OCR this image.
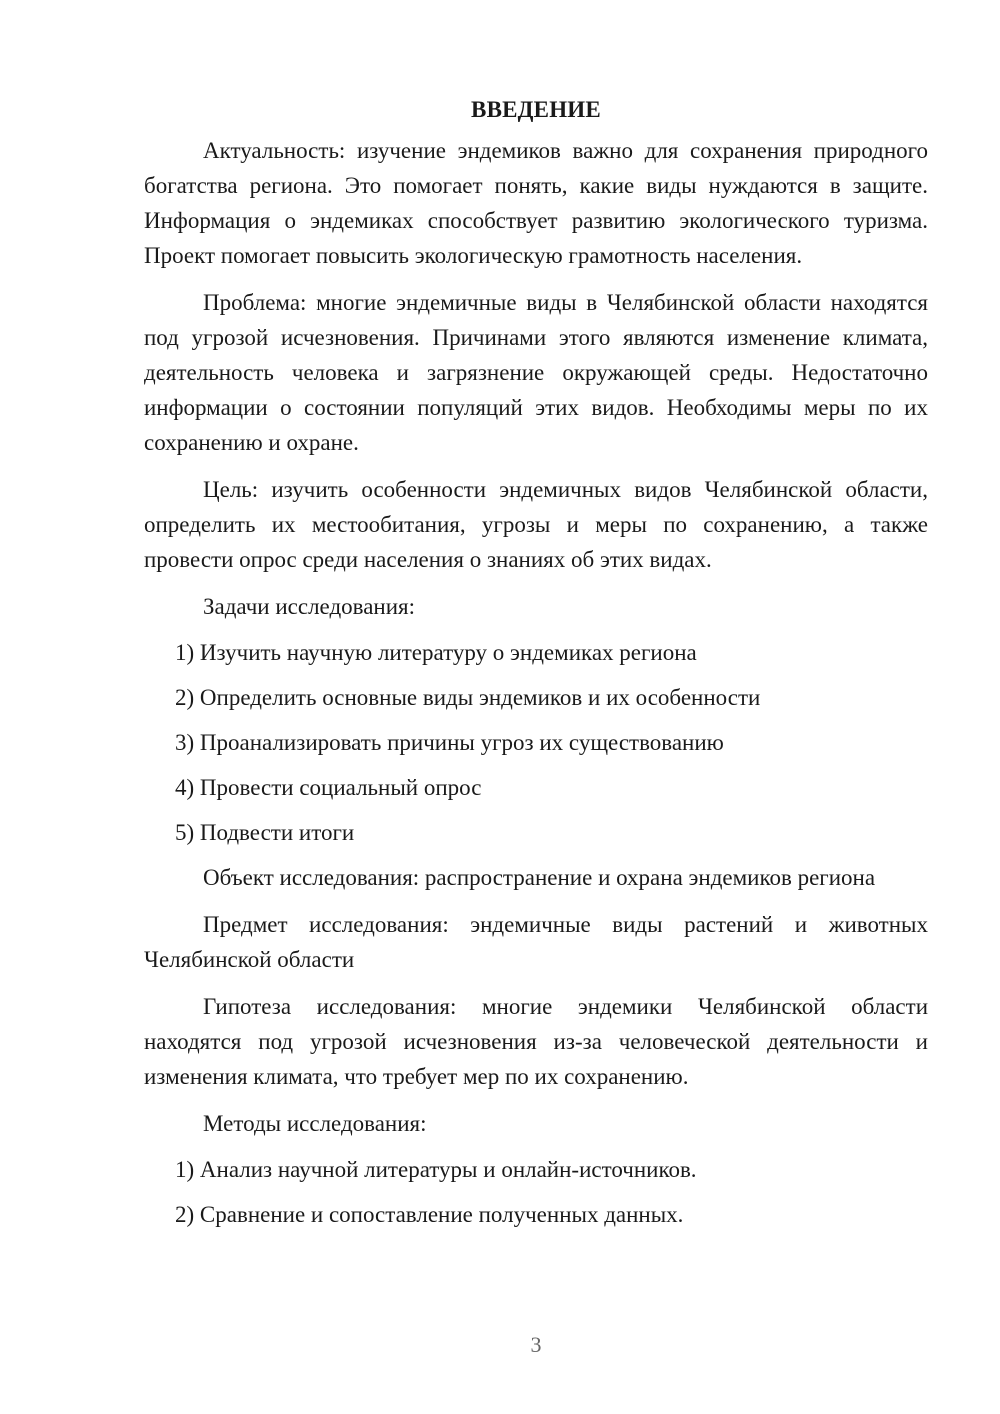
ВВЕДЕНИЕ

Актуальность: изучение эндемиков важно для сохранения природного богатства региона. Это помогает понять, какие виды нуждаются в защите. Информация о эндемиках способствует развитию экологического туризма. Проект помогает повысить экологическую грамотность населения.

Проблема: многие эндемичные виды в Челябинской области находятся под угрозой исчезновения. Причинами этого являются изменение климата, деятельность человека и загрязнение окружающей среды. Недостаточно информации о состоянии популяций этих видов. Необходимы меры по их сохранению и охране.

Цель: изучить особенности эндемичных видов Челябинской области, определить их местообитания, угрозы и меры по сохранению, а также провести опрос среди населения о знаниях об этих видах.

Задачи исследования:

1) Изучить научную литературу о эндемиках региона
2) Определить основные виды эндемиков и их особенности
3) Проанализировать причины угроз их существованию
4) Провести социальный опрос
5) Подвести итоги

Объект исследования: распространение и охрана эндемиков региона

Предмет исследования: эндемичные виды растений и животных Челябинской области

Гипотеза исследования: многие эндемики Челябинской области находятся под угрозой исчезновения из-за человеческой деятельности и изменения климата, что требует мер по их сохранению.

Методы исследования:

1) Анализ научной литературы и онлайн-источников.
2) Сравнение и сопоставление полученных данных.
3
